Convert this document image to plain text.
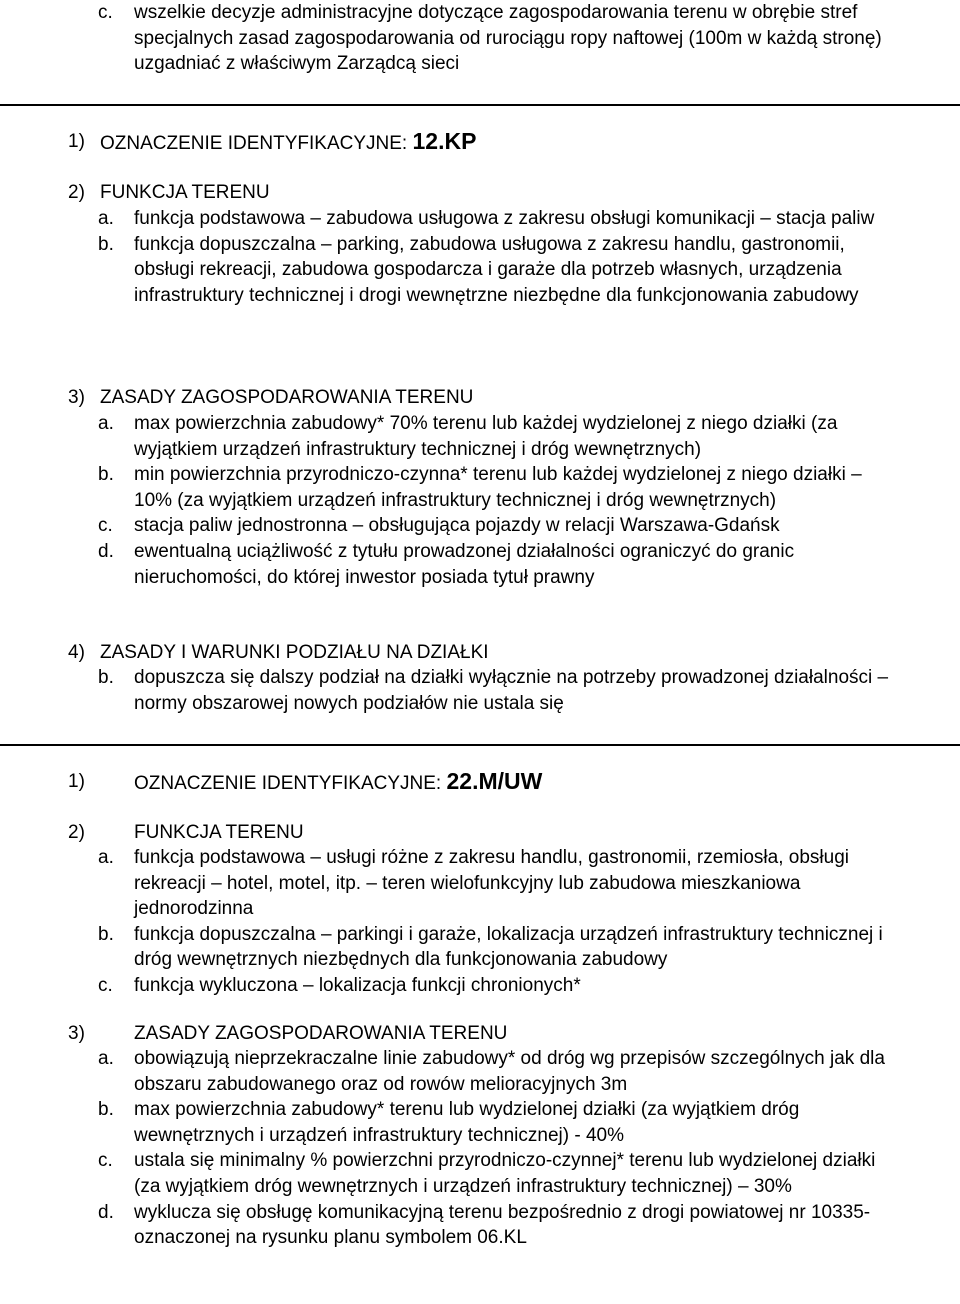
c. wszelkie decyzje administracyjne dotyczące zagospodarowania terenu w obrębie stref specjalnych zasad zagospodarowania od rurociągu ropy naftowej (100m w każdą stronę) uzgadniać z właściwym Zarządcą sieci
1) OZNACZENIE IDENTYFIKACYJNE: 12.KP
2) FUNKCJA TERENU
a. funkcja podstawowa – zabudowa usługowa z zakresu obsługi komunikacji – stacja paliw
b. funkcja dopuszczalna – parking, zabudowa usługowa z zakresu handlu, gastronomii, obsługi rekreacji, zabudowa gospodarcza i garaże dla potrzeb własnych, urządzenia infrastruktury technicznej i drogi wewnętrzne niezbędne dla funkcjonowania zabudowy
3) ZASADY ZAGOSPODAROWANIA TERENU
a. max powierzchnia zabudowy* 70% terenu lub każdej wydzielonej z niego działki (za wyjątkiem urządzeń infrastruktury technicznej i dróg wewnętrznych)
b. min powierzchnia przyrodniczo-czynna* terenu lub każdej wydzielonej z niego działki – 10% (za wyjątkiem urządzeń infrastruktury technicznej i dróg wewnętrznych)
c. stacja paliw jednostronna – obsługująca pojazdy w relacji Warszawa-Gdańsk
d. ewentualną uciążliwość z tytułu prowadzonej działalności ograniczyć do granic nieruchomości, do której inwestor posiada tytuł prawny
4) ZASADY I WARUNKI PODZIAŁU NA DZIAŁKI
b. dopuszcza się dalszy podział na działki wyłącznie na potrzeby prowadzonej działalności – normy obszarowej nowych podziałów nie ustala się
1)	OZNACZENIE IDENTYFIKACYJNE: 22.M/UW
2)	FUNKCJA TERENU
a. funkcja podstawowa – usługi różne z zakresu handlu, gastronomii, rzemiosła, obsługi rekreacji – hotel, motel, itp. – teren wielofunkcyjny lub zabudowa mieszkaniowa jednorodzinna
b. funkcja dopuszczalna – parkingi i garaże, lokalizacja urządzeń infrastruktury technicznej i dróg wewnętrznych niezbędnych dla funkcjonowania zabudowy
c. funkcja wykluczona – lokalizacja funkcji chronionych*
3)	ZASADY ZAGOSPODAROWANIA TERENU
a. obowiązują nieprzekraczalne linie zabudowy* od dróg wg przepisów szczególnych jak dla obszaru zabudowanego oraz od rowów melioracyjnych 3m
b. max powierzchnia zabudowy* terenu lub wydzielonej działki (za wyjątkiem dróg wewnętrznych i urządzeń infrastruktury technicznej) - 40%
c. ustala się minimalny % powierzchni przyrodniczo-czynnej* terenu lub wydzielonej działki (za wyjątkiem dróg wewnętrznych i urządzeń infrastruktury technicznej) – 30%
d. wyklucza się obsługę komunikacyjną terenu bezpośrednio z drogi powiatowej nr 10335-oznaczonej na rysunku planu symbolem 06.KL
